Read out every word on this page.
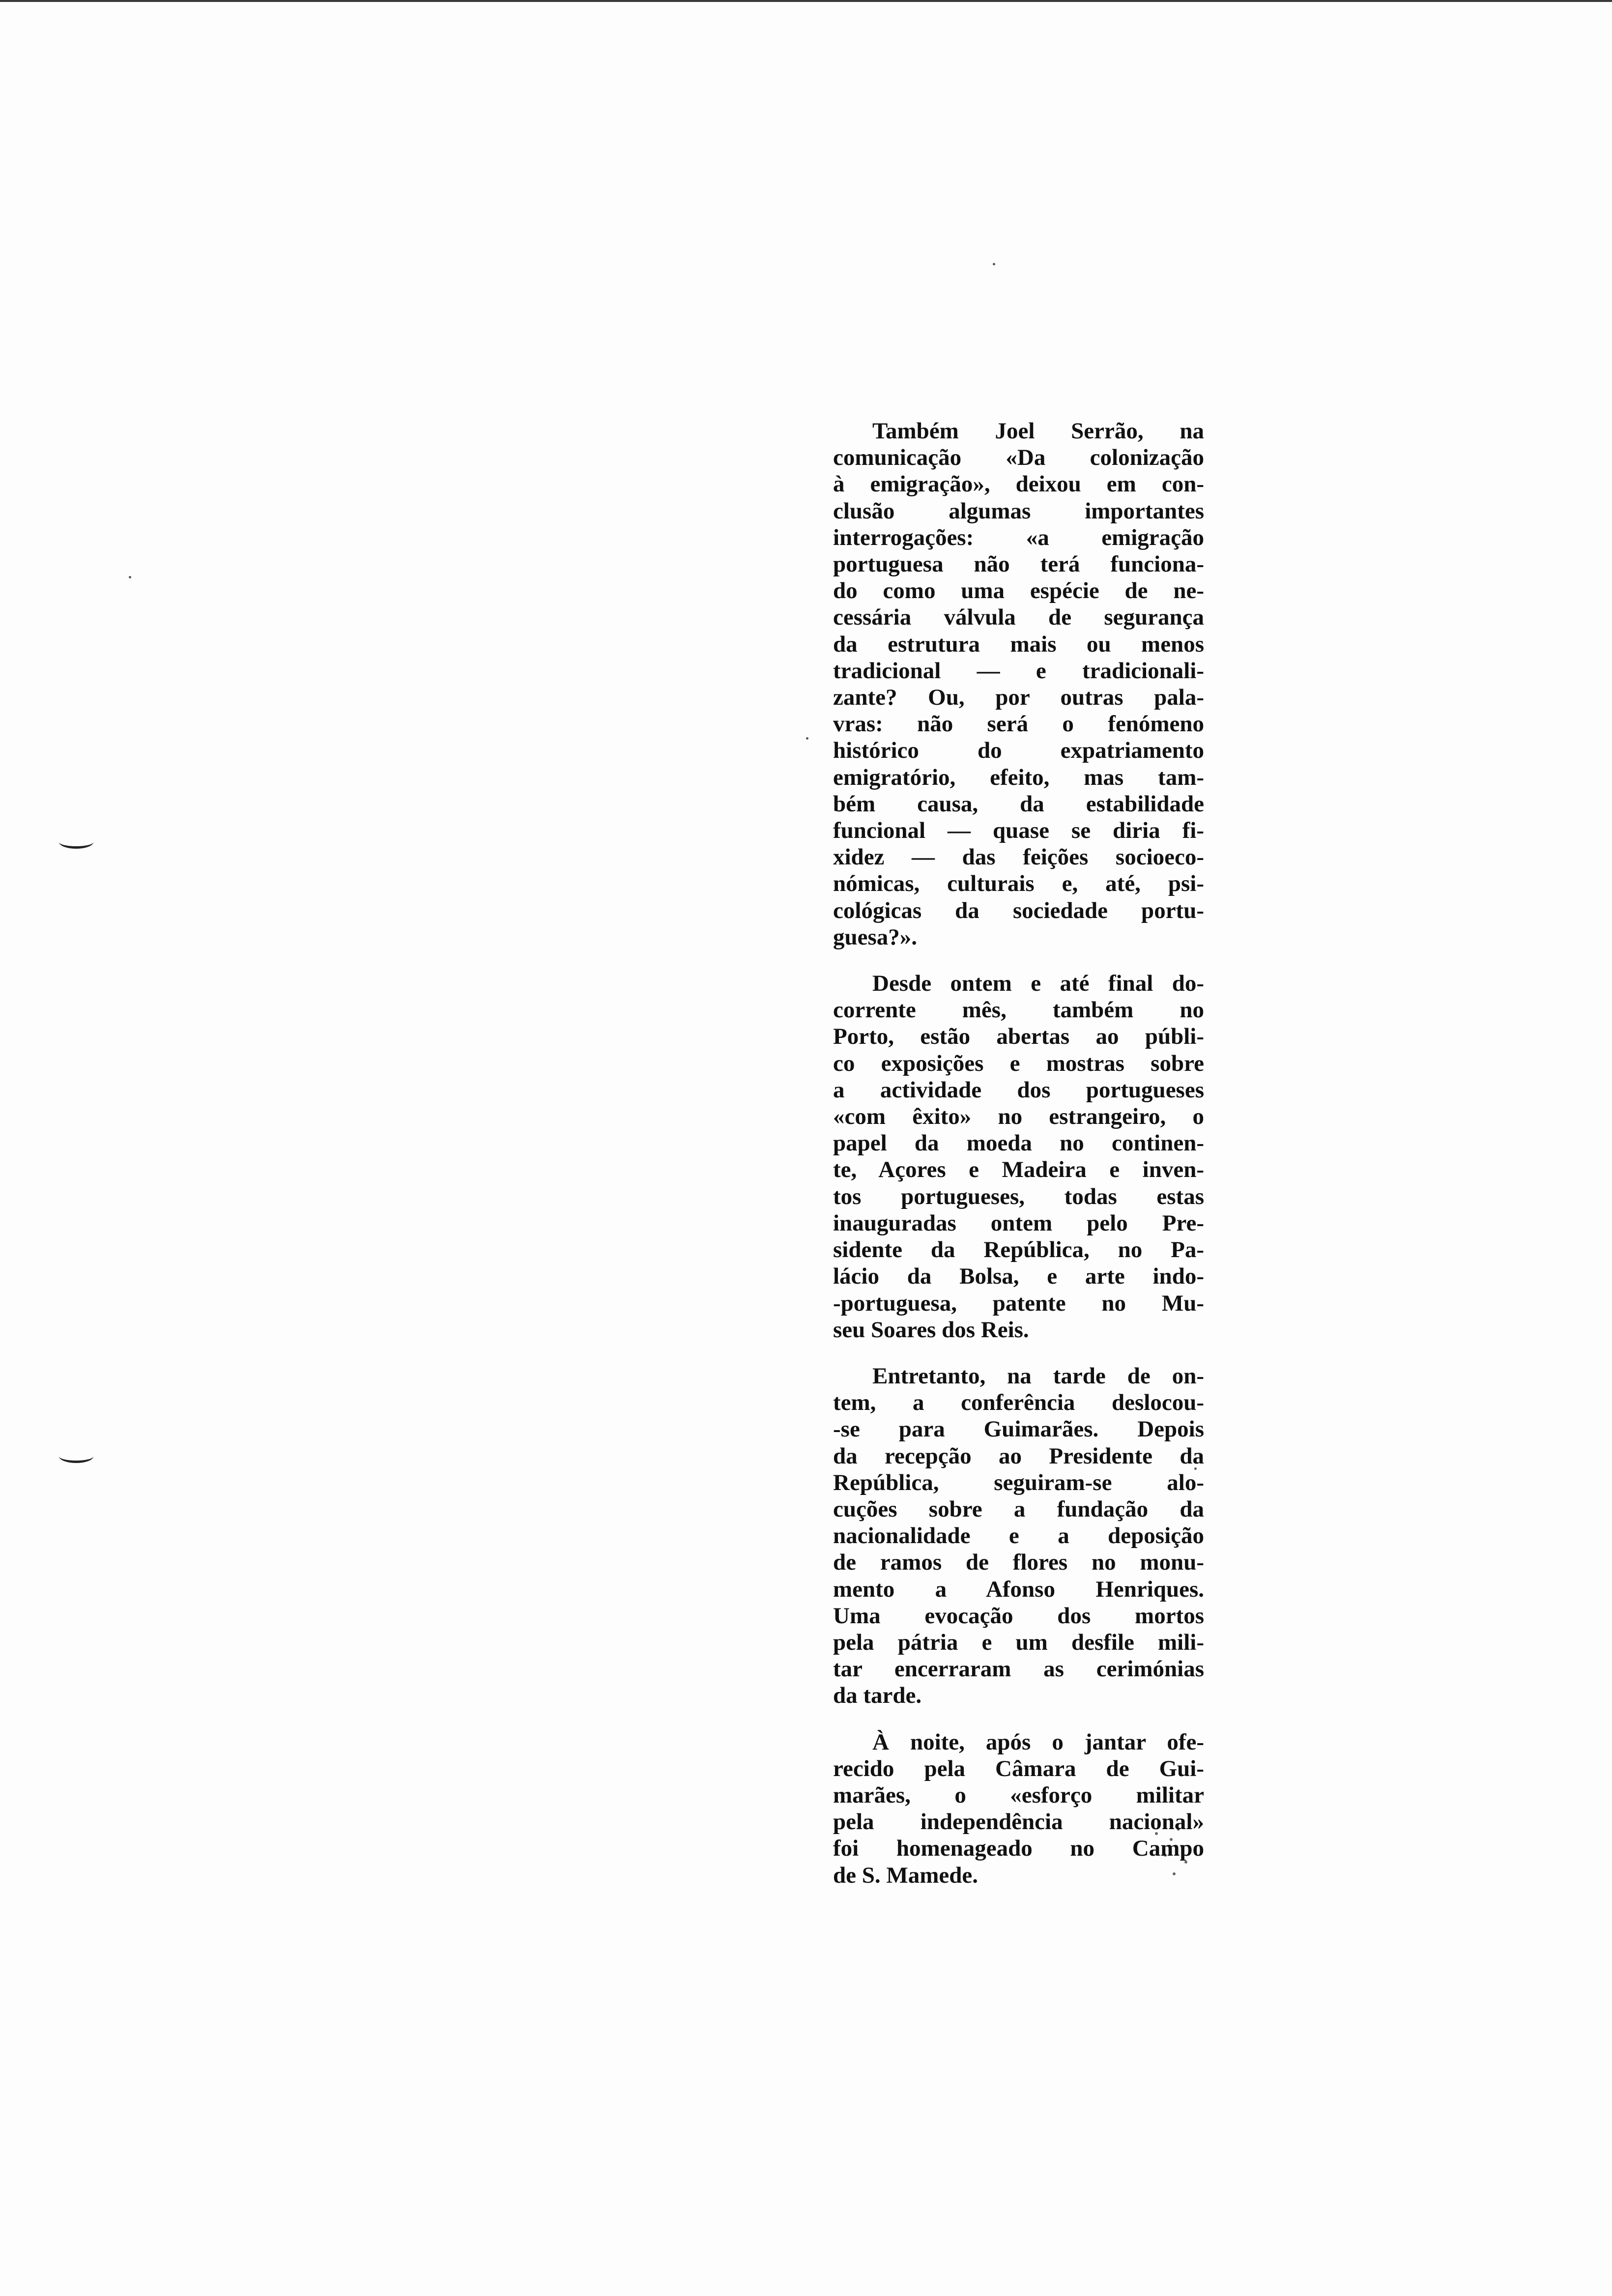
Também Joel Serrão, na
comunicação «Da colonização
à emigração», deixou em con-
clusão algumas importantes
interrogações: «a emigração
portuguesa não terá funciona-
do como uma espécie de ne-
cessária válvula de segurança
da estrutura mais ou menos
tradicional — e tradicionali-
zante? Ou, por outras pala-
vras: não será o fenómeno
histórico do expatriamento
emigratório, efeito, mas tam-
bém causa, da estabilidade
funcional — quase se diria fi-
xidez — das feições socioeco-
nómicas, culturais e, até, psi-
cológicas da sociedade portu-
guesa?».
Desde ontem e até final do-
corrente mês, também no
Porto, estão abertas ao públi-
co exposições e mostras sobre
a actividade dos portugueses
«com êxito» no estrangeiro, o
papel da moeda no continen-
te, Açores e Madeira e inven-
tos portugueses, todas estas
inauguradas ontem pelo Pre-
sidente da República, no Pa-
lácio da Bolsa, e arte indo-
-portuguesa, patente no Mu-
seu Soares dos Reis.
Entretanto, na tarde de on-
tem, a conferência deslocou-
-se para Guimarães. Depois
da recepção ao Presidente da
República, seguiram-se alo-
cuções sobre a fundação da
nacionalidade e a deposição
de ramos de flores no monu-
mento a Afonso Henriques.
Uma evocação dos mortos
pela pátria e um desfile mili-
tar encerraram as cerimónias
da tarde.
À noite, após o jantar ofe-
recido pela Câmara de Gui-
marães, o «esforço militar
pela independência nacional»
foi homenageado no Campo
de S. Mamede.
